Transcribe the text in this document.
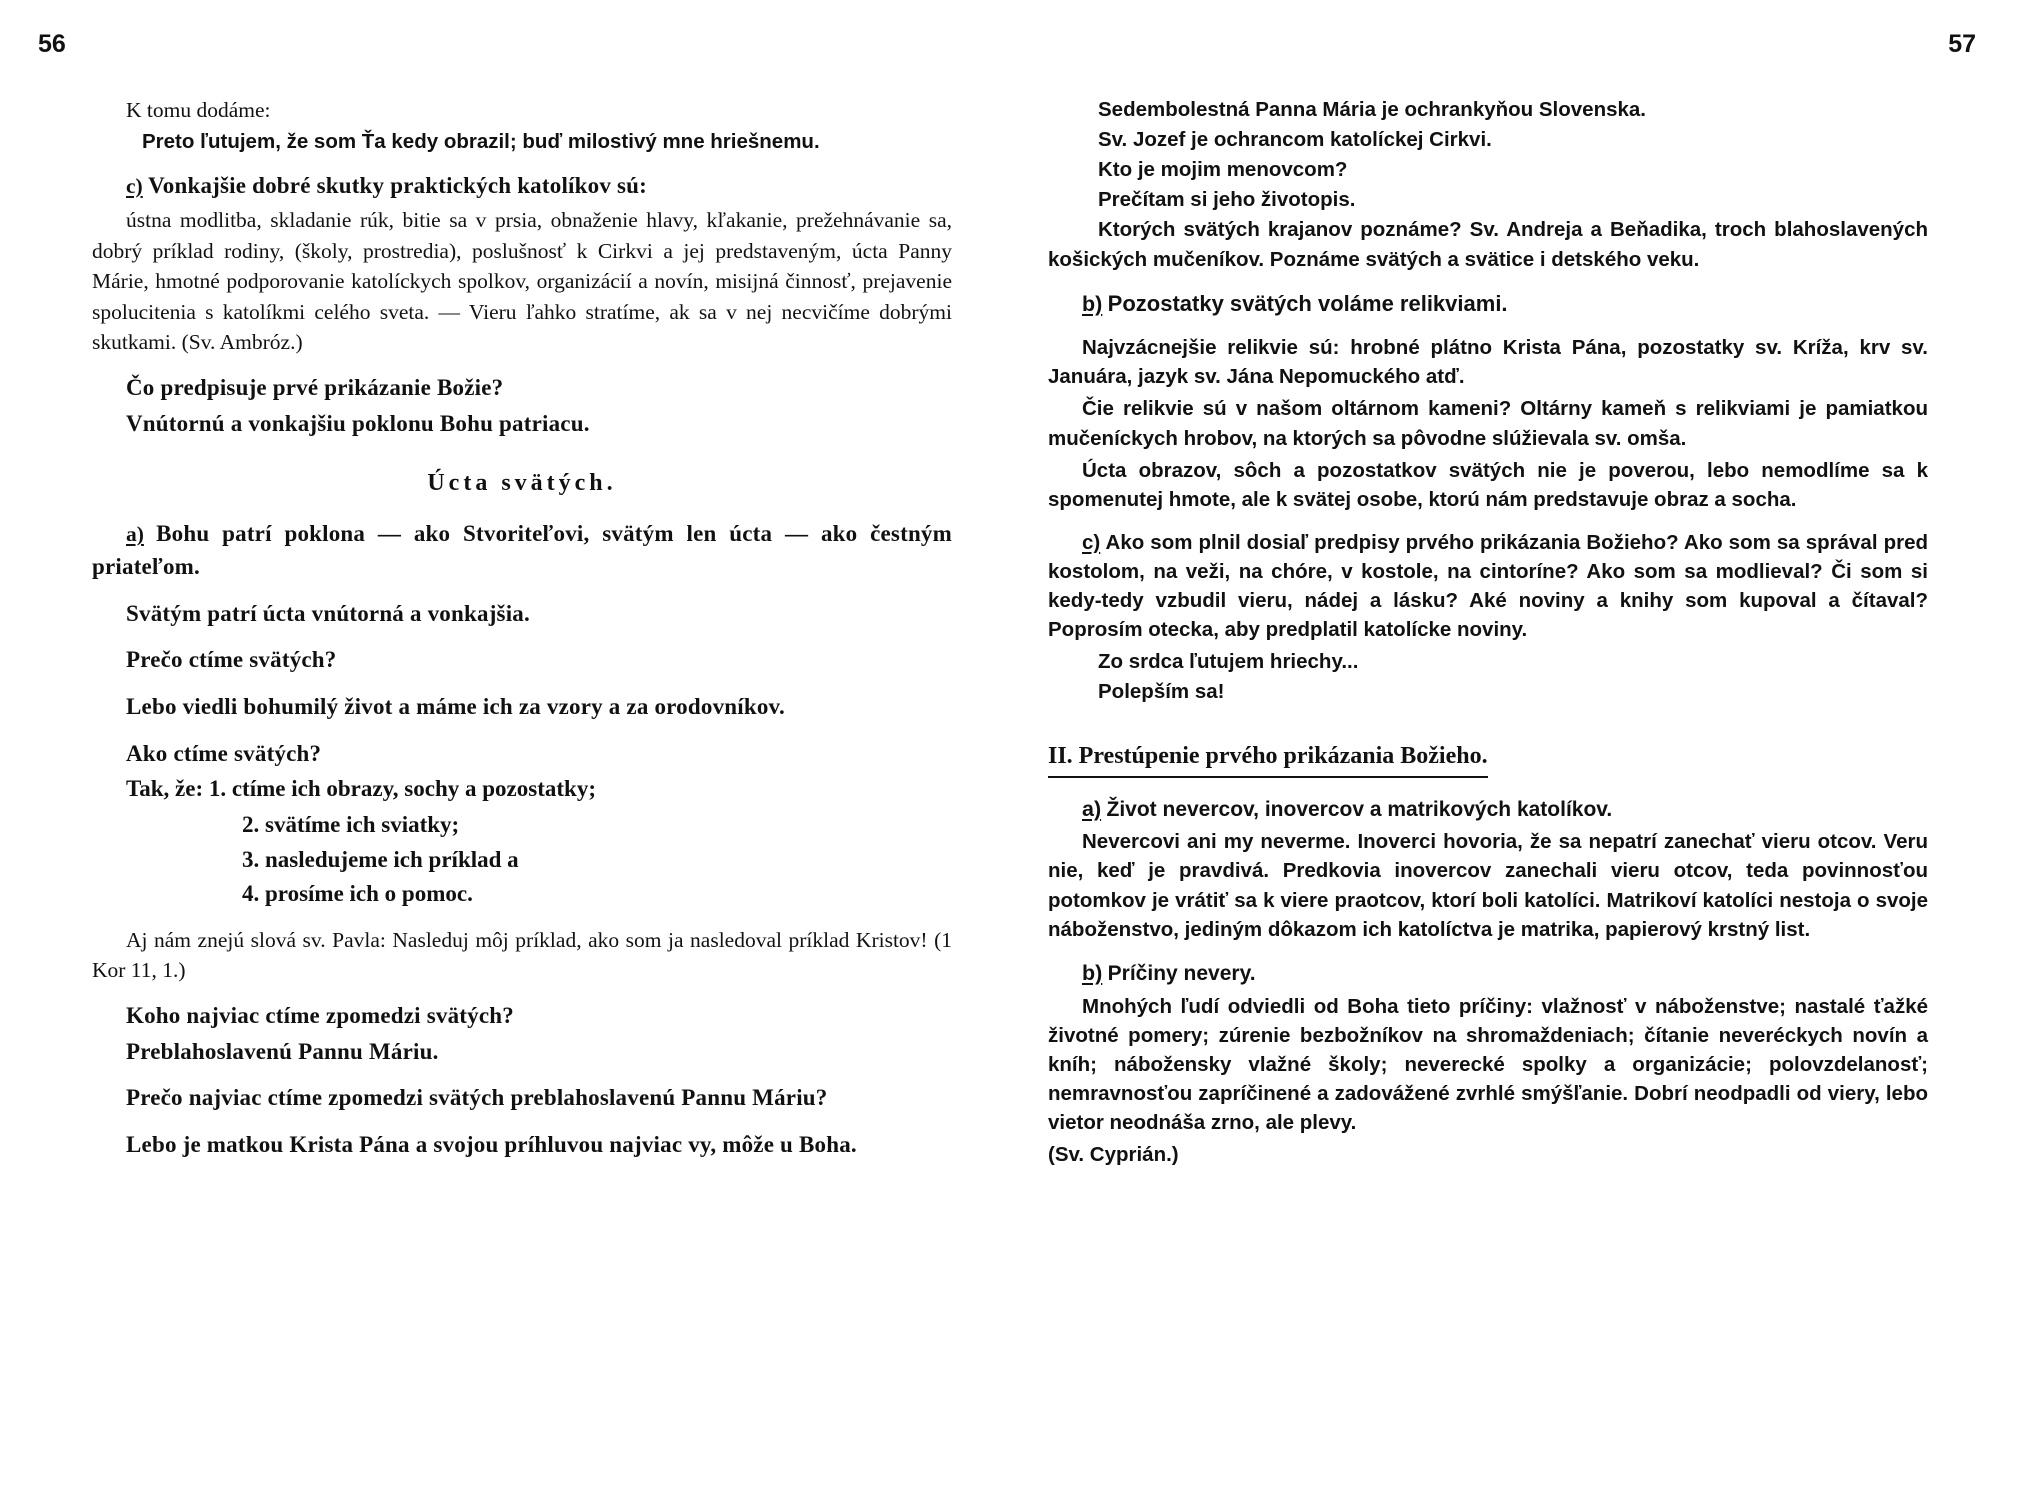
56	57

K tomu dodáme:

Preto ľutujem, že som Ťa kedy obrazil; buď milostivý mne hriešnemu.

c) Vonkajšie dobré skutky praktických katolíkov sú:

ústna modlitba, skladanie rúk, bitie sa v prsia, obnaženie hlavy, kľakanie, prežehnávanie sa, dobrý príklad rodiny, (školy, prostredia), poslušnosť k Cirkvi a jej predstaveným, úcta Panny Márie, hmotné podporovanie katolíckych spolkov, organizácií a novín, misijná činnosť, prejavenie spolucitenia s katolíkmi celého sveta. — Vieru ľahko stratíme, ak sa v nej necvičíme dobrými skutkami. (Sv. Ambróz.)

Čo predpisuje prvé prikázanie Božie?

Vnútornú a vonkajšiu poklonu Bohu patriacu.

Úcta svätých.

a) Bohu patrí poklona — ako Stvoriteľovi, svätým len úcta — ako čestným priateľom.

Svätým patrí úcta vnútorná a vonkajšia.

Prečo ctíme svätých?

Lebo viedli bohumilý život a máme ich za vzory a za orodovníkov.

Ako ctíme svätých?

Tak, že: 1. ctíme ich obrazy, sochy a pozostatky;

2. svätíme ich sviatky;
3. nasledujeme ich príklad a
4. prosíme ich o pomoc.

Aj nám znejú slová sv. Pavla: Nasleduj môj príklad, ako som ja nasledoval príklad Kristov! (1 Kor 11, 1.)

Koho najviac ctíme zpomedzi svätých?

Preblahoslavenú Pannu Máriu.

Prečo najviac ctíme zpomedzi svätých preblahoslavenú Pannu Máriu?

Lebo je matkou Krista Pána a svojou príhluvou najviac vy, môže u Boha.

Sedembolestná Panna Mária je ochrankyňou Slovenska.

Sv. Jozef je ochrancom katolíckej Cirkvi.

Kto je mojim menovcom?

Prečítam si jeho životopis.

Ktorých svätých krajanov poznáme? Sv. Andreja a Beňadika, troch blahoslavených košických mučeníkov. Poznáme svätých a svätice i detského veku.

b) Pozostatky svätých voláme relikviami.

Najvzácnejšie relikvie sú: hrobné plátno Krista Pána, pozostatky sv. Kríža, krv sv. Januára, jazyk sv. Jána Nepomuckého atď.

Čie relikvie sú v našom oltárnom kameni? Oltárny kameň s relikviami je pamiatkou mučeníckych hrobov, na ktorých sa pôvodne slúžievala sv. omša.

Úcta obrazov, sôch a pozostatkov svätých nie je poverou, lebo nemodlíme sa k spomenutej hmote, ale k svätej osobe, ktorú nám predstavuje obraz a socha.

c) Ako som plnil dosiaľ predpisy prvého prikázania Božieho? Ako som sa správal pred kostolom, na veži, na chóre, v kostole, na cintoríne? Ako som sa modlieval? Či som si kedy-tedy vzbudil vieru, nádej a lásku? Aké noviny a knihy som kupoval a čítaval? Poprosím otecka, aby predplatil katolícke noviny.

Zo srdca ľutujem hriechy...

Polepším sa!

II. Prestúpenie prvého prikázania Božieho.

a) Život nevercov, inovercov a matrikových katolíkov.

Nevercovi ani my neverme. Inoverci hovoria, že sa nepatrí zanechať vieru otcov. Veru nie, keď je pravdivá. Predkovia inovercov zanechali vieru otcov, teda povinnosťou potomkov je vrátiť sa k viere praotcov, ktorí boli katolíci. Matrikoví katolíci nestoja o svoje náboženstvo, jediným dôkazom ich katolíctva je matrika, papierový krstný list.

b) Príčiny nevery.

Mnohých ľudí odviedli od Boha tieto príčiny: vlažnosť v náboženstve; nastalé ťažké životné pomery; zúrenie bezbožníkov na shromaždeniach; čítanie neveréckych novín a kníh; nábožensky vlažné školy; neverecké spolky a organizácie; polovzdelanosť; nemravnosťou zapríčinené a zadovážené zvrhlé smýšľanie. Dobrí neodpadli od viery, lebo vietor neodnáša zrno, ale plevy.

(Sv. Cyprián.)
